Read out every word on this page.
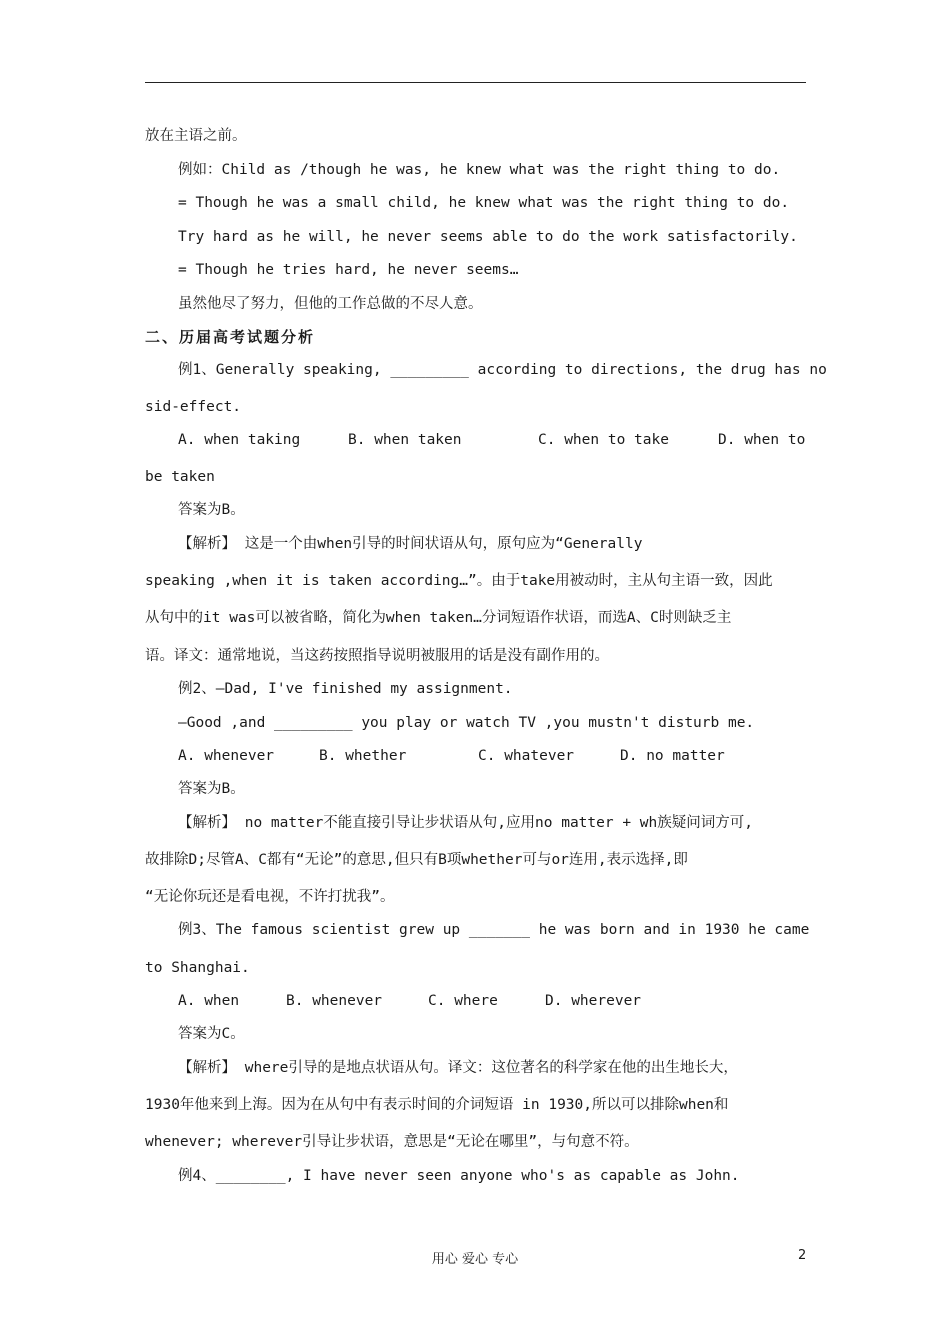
放在主语之前。
例如：Child as /though he was, he knew what was the right thing to do.
= Though he was a small child, he knew what was the right thing to do.
Try hard as he will, he never seems able to do the work satisfactorily.
= Though he tries hard, he never seems…
虽然他尽了努力，但他的工作总做的不尽人意。
二、历届高考试题分析
例1、Generally speaking, _________ according to directions, the drug has no
sid-effect.
A. when taking	B. when taken	C. when to take	D. when to
be taken
答案为B。
【解析】 这是一个由when引导的时间状语从句，原句应为“Generally
speaking ,when it is taken according…”。由于take用被动时，主从句主语一致，因此
从句中的it was可以被省略，简化为when taken…分词短语作状语，而选A、C时则缺乏主
语。译文：通常地说，当这药按照指导说明被服用的话是没有副作用的。
例2、—Dad, I've finished my assignment.
—Good ,and _________ you play or watch TV ,you mustn't disturb me.
A. whenever	B. whether	C. whatever	D. no matter
答案为B。
【解析】 no matter不能直接引导让步状语从句,应用no matter + wh族疑问词方可,
故排除D;尽管A、C都有“无论”的意思,但只有B项whether可与or连用,表示选择,即
“无论你玩还是看电视，不许打扰我”。
例3、The famous scientist grew up _______ he was born and in 1930 he came
to Shanghai.
A. when	B. whenever	C. where	D. wherever
答案为C。
【解析】 where引导的是地点状语从句。译文：这位著名的科学家在他的出生地长大，
1930年他来到上海。因为在从句中有表示时间的介词短语 in 1930,所以可以排除when和
whenever; wherever引导让步状语，意思是“无论在哪里”，与句意不符。
例4、________, I have never seen anyone who's as capable as John.
用心 爱心 专心	2
